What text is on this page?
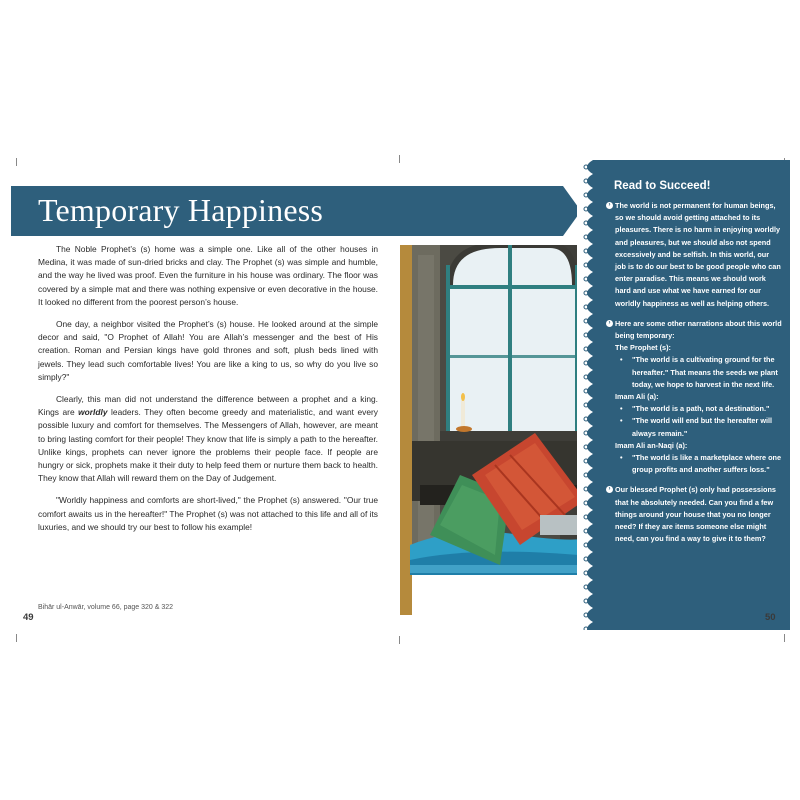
Temporary Happiness

The Noble Prophet’s (s) home was a simple one. Like all of the other houses in Medina, it was made of sun-dried bricks and clay. The Prophet (s) was simple and humble, and the way he lived was proof. Even the furniture in his house was ordinary. The floor was covered by a simple mat and there was nothing expensive or even decorative in the house. It looked no different from the poorest person’s house.

One day, a neighbor visited the Prophet’s (s) house. He looked around at the simple decor and said, "O Prophet of Allah! You are Allah’s messenger and the best of His creation. Roman and Persian kings have gold thrones and soft, plush beds lined with jewels. They lead such comfortable lives! You are like a king to us, so why do you live so simply?"

Clearly, this man did not understand the difference between a prophet and a king. Kings are worldly leaders. They often become greedy and materialistic, and want every possible luxury and comfort for themselves. The Messengers of Allah, however, are meant to bring lasting comfort for their people! They know that life is simply a path to the hereafter. Unlike kings, prophets can never ignore the problems their people face. If people are hungry or sick, prophets make it their duty to help feed them or nurture them back to health. They know that Allah will reward them on the Day of Judgement.

"Worldly happiness and comforts are short-lived," the Prophet (s) answered. "Our true comfort awaits us in the hereafter!" The Prophet (s) was not attached to this life and all of its luxuries, and we should try our best to follow his example!

Bihār ul-Anwār, volume 66, page 320 & 322
49
Read to Succeed!
› The world is not permanent for human beings, so we should avoid getting attached to its pleasures. There is no harm in enjoying worldly and pleasures, but we should also not spend excessively and be selfish. In this world, our job is to do our best to be good people who can enter paradise. This means we should work hard and use what we have earned for our worldly happiness as well as helping others.
› Here are some other narrations about this world being temporary:
The Prophet (s):
• "The world is a cultivating ground for the hereafter." That means the seeds we plant today, we hope to harvest in the next life.
Imam Ali (a):
• "The world is a path, not a destination."
• "The world will end but the hereafter will always remain."
Imam Ali an-Naqi (a):
• "The world is like a marketplace where one group profits and another suffers loss."
› Our blessed Prophet (s) only had possessions that he absolutely needed. Can you find a few things around your house that you no longer need? If they are items someone else might need, can you find a way to give it to them?
50
